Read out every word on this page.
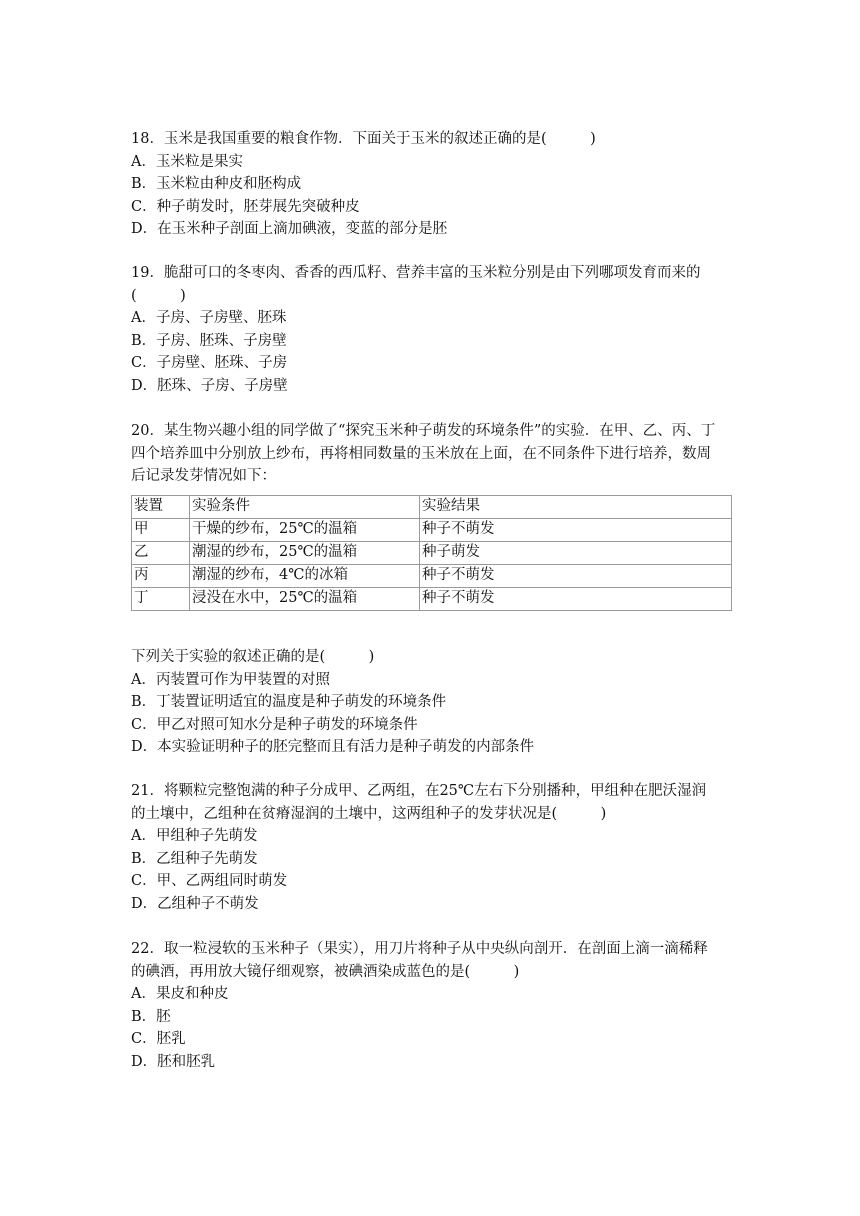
18．玉米是我国重要的粮食作物．下面关于玉米的叙述正确的是(　　　)
A．玉米粒是果实
B．玉米粒由种皮和胚构成
C．种子萌发时，胚芽展先突破种皮
D．在玉米种子剖面上滴加碘液，变蓝的部分是胚
19．脆甜可口的冬枣肉、香香的西瓜籽、营养丰富的玉米粒分别是由下列哪项发育而来的
(　　　)
A．子房、子房壁、胚珠
B．子房、胚珠、子房壁
C．子房壁、胚珠、子房
D．胚珠、子房、子房壁
20．某生物兴趣小组的同学做了“探究玉米种子萌发的环境条件”的实验．在甲、乙、丙、丁
四个培养皿中分别放上纱布，再将相同数量的玉米放在上面，在不同条件下进行培养，数周
后记录发芽情况如下：
装置	实验条件	实验结果
甲	干燥的纱布，25℃的温箱	种子不萌发
乙	潮湿的纱布，25℃的温箱	种子萌发
丙	潮湿的纱布，4℃的冰箱	种子不萌发
丁	浸没在水中，25℃的温箱	种子不萌发
下列关于实验的叙述正确的是(　　　)
A．丙装置可作为甲装置的对照
B．丁装置证明适宜的温度是种子萌发的环境条件
C．甲乙对照可知水分是种子萌发的环境条件
D．本实验证明种子的胚完整而且有活力是种子萌发的内部条件
21．将颗粒完整饱满的种子分成甲、乙两组，在25℃左右下分别播种，甲组种在肥沃湿润
的土壤中，乙组种在贫瘠湿润的土壤中，这两组种子的发芽状况是(　　　)
A．甲组种子先萌发
B．乙组种子先萌发
C．甲、乙两组同时萌发
D．乙组种子不萌发
22．取一粒浸软的玉米种子（果实），用刀片将种子从中央纵向剖开．在剖面上滴一滴稀释
的碘酒，再用放大镜仔细观察，被碘酒染成蓝色的是(　　　)
A．果皮和种皮
B．胚
C．胚乳
D．胚和胚乳
